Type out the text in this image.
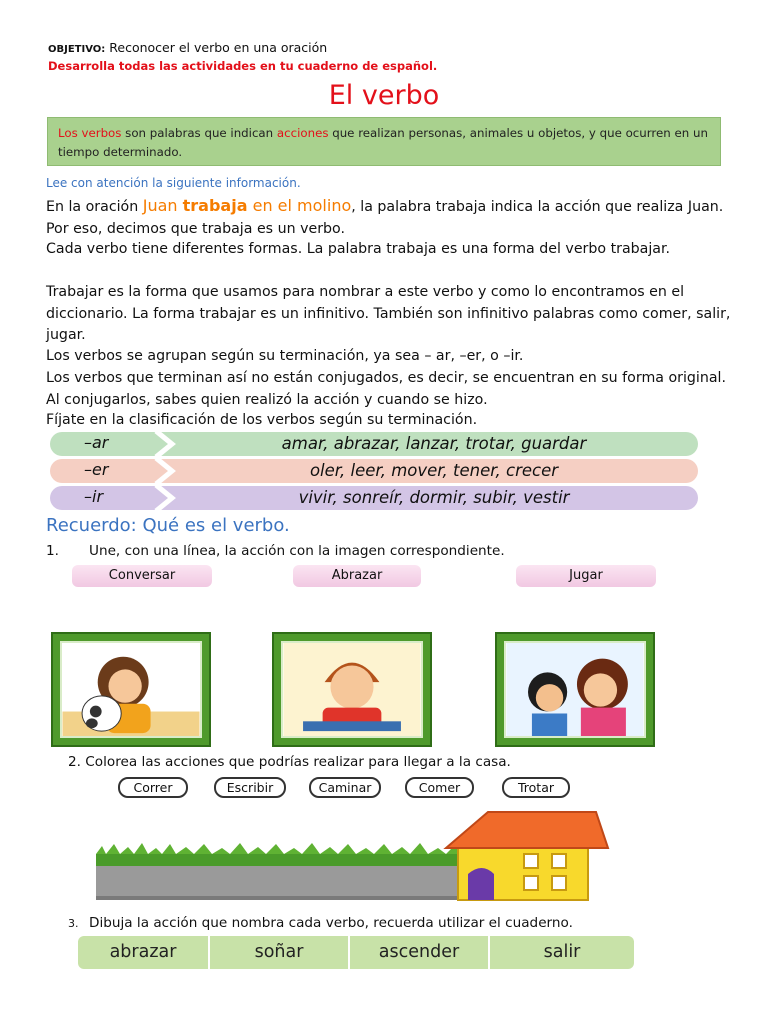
OBJETIVO: Reconocer el verbo en una oración
Desarrolla todas las actividades en tu cuaderno de español.
El verbo
Los verbos son palabras que indican acciones que realizan personas, animales u objetos, y que ocurren en un tiempo determinado.
Lee con atención la siguiente información.
En la oración Juan trabaja en el molino, la palabra trabaja indica la acción que realiza Juan. Por eso, decimos que trabaja es un verbo.
Cada verbo tiene diferentes formas. La palabra trabaja es una forma del verbo trabajar.
Trabajar es la forma que usamos para nombrar a este verbo y como lo encontramos en el diccionario. La forma trabajar es un infinitivo. También son infinitivo palabras como comer, salir, jugar.
Los verbos se agrupan según su terminación, ya sea – ar, –er, o –ir.
Los verbos que terminan así no están conjugados, es decir, se encuentran en su forma original. Al conjugarlos, sabes quien realizó la acción y cuando se hizo.
Fíjate en la clasificación de los verbos según su terminación.
–ar	amar, abrazar, lanzar, trotar, guardar
–er	oler, leer, mover, tener, crecer
–ir	vivir, sonreír, dormir, subir, vestir
Recuerdo: Qué es el verbo.
1. Une, con una línea, la acción con la imagen correspondiente.
Conversar	Abrazar	Jugar
2. Colorea las acciones que podrías realizar para llegar a la casa.
Correr	Escribir	Caminar	Comer	Trotar
3. Dibuja la acción que nombra cada verbo, recuerda utilizar el cuaderno.
abrazar	soñar	ascender	salir
